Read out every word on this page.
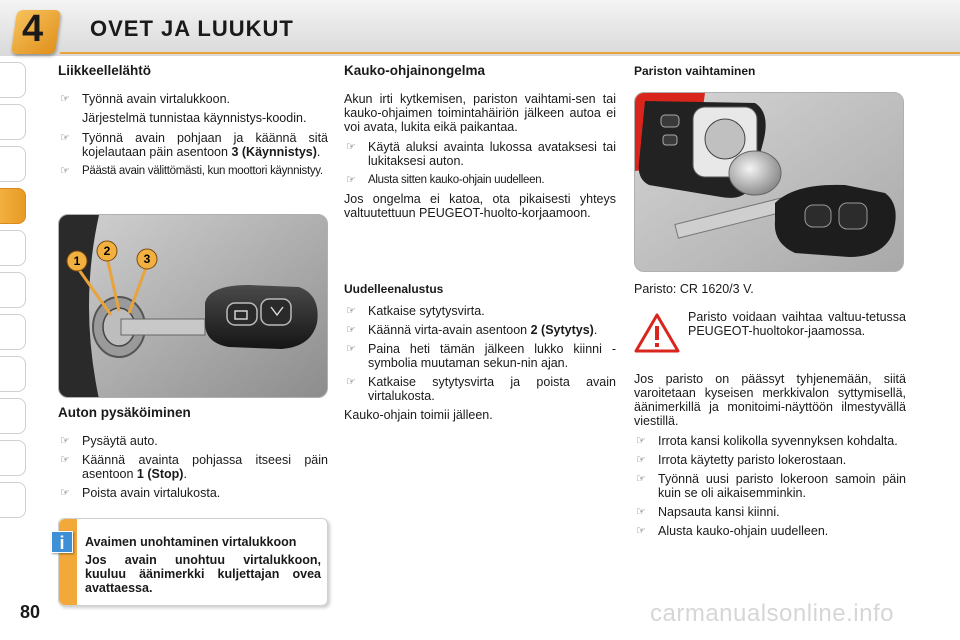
4 OVET JA LUUKUT
Liikkeellelähtö
☞ Työnnä avain virtalukkoon.
Järjestelmä tunnistaa käynnistys-koodin.
☞ Työnnä avain pohjaan ja käännä sitä kojelautaan päin asentoon 3 (Käynnistys).
☞ Päästä avain välittömästi, kun moottori käynnistyy.
1
2
3
Auton pysäköiminen
☞ Pysäytä auto.
☞ Käännä avainta pohjassa itseesi päin asentoon 1 (Stop).
☞ Poista avain virtalukosta.
i	Avaimen unohtaminen virtalukkoon
Jos avain unohtuu virtalukkoon, kuuluu äänimerkki kuljettajan ovea avattaessa.
Kauko-ohjainongelma

Akun irti kytkemisen, pariston vaihtami-sen tai kauko-ohjaimen toimintahäiriön jälkeen autoa ei voi avata, lukita eikä paikantaa.

☞ Käytä aluksi avainta lukossa avataksesi tai lukitaksesi auton.
☞ Alusta sitten kauko-ohjain uudelleen.

Jos ongelma ei katoa, ota pikaisesti yhteys valtuutettuun PEUGEOT-huolto-korjaamoon.

Uudelleenalustus
☞ Katkaise sytytysvirta.
☞ Käännä virta-avain asentoon 2 (Sytytys).
☞ Paina heti tämän jälkeen lukko kiinni -symbolia muutaman sekun-nin ajan.
☞ Katkaise sytytysvirta ja poista avain virtalukosta.

Kauko-ohjain toimii jälleen.

Pariston vaihtaminen

Paristo: CR 1620/3 V.

Paristo voidaan vaihtaa valtuu-tetussa PEUGEOT-huoltokor-jaamossa.

Jos paristo on päässyt tyhjenemään, siitä varoitetaan kyseisen merkkivalon syttymisellä, äänimerkillä ja monitoimi-näyttöön ilmestyvällä viestillä.

☞ Irrota kansi kolikolla syvennyksen kohdalta.
☞ Irrota käytetty paristo lokerostaan.
☞ Työnnä uusi paristo lokeroon samoin päin kuin se oli aikaisemminkin.
☞ Napsauta kansi kiinni.
☞ Alusta kauko-ohjain uudelleen.
80	carmanualsonline.info
